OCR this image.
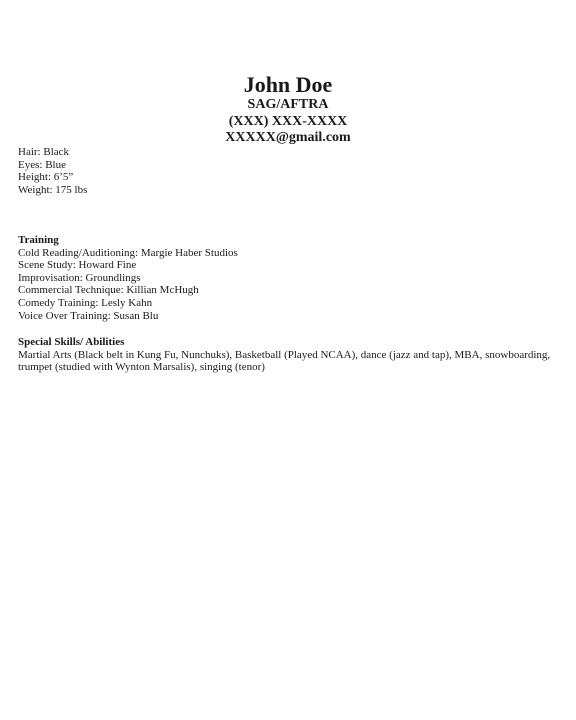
John Doe

SAG/AFTRA

(XXX) XXX-XXXX

XXXXX@gmail.com

Hair: Black

Eyes: Blue

Height: 6’5”

Weight: 175 lbs

Training

Cold Reading/Auditioning: Margie Haber Studios

Scene Study: Howard Fine

Improvisation: Groundlings

Commercial Technique: Killian McHugh

Comedy Training: Lesly Kahn

Voice Over Training: Susan Blu

Special Skills/ Abilities

Martial Arts (Black belt in Kung Fu, Nunchuks), Basketball (Played NCAA), dance (jazz and tap), MBA, snowboarding, trumpet (studied with Wynton Marsalis), singing (tenor)
